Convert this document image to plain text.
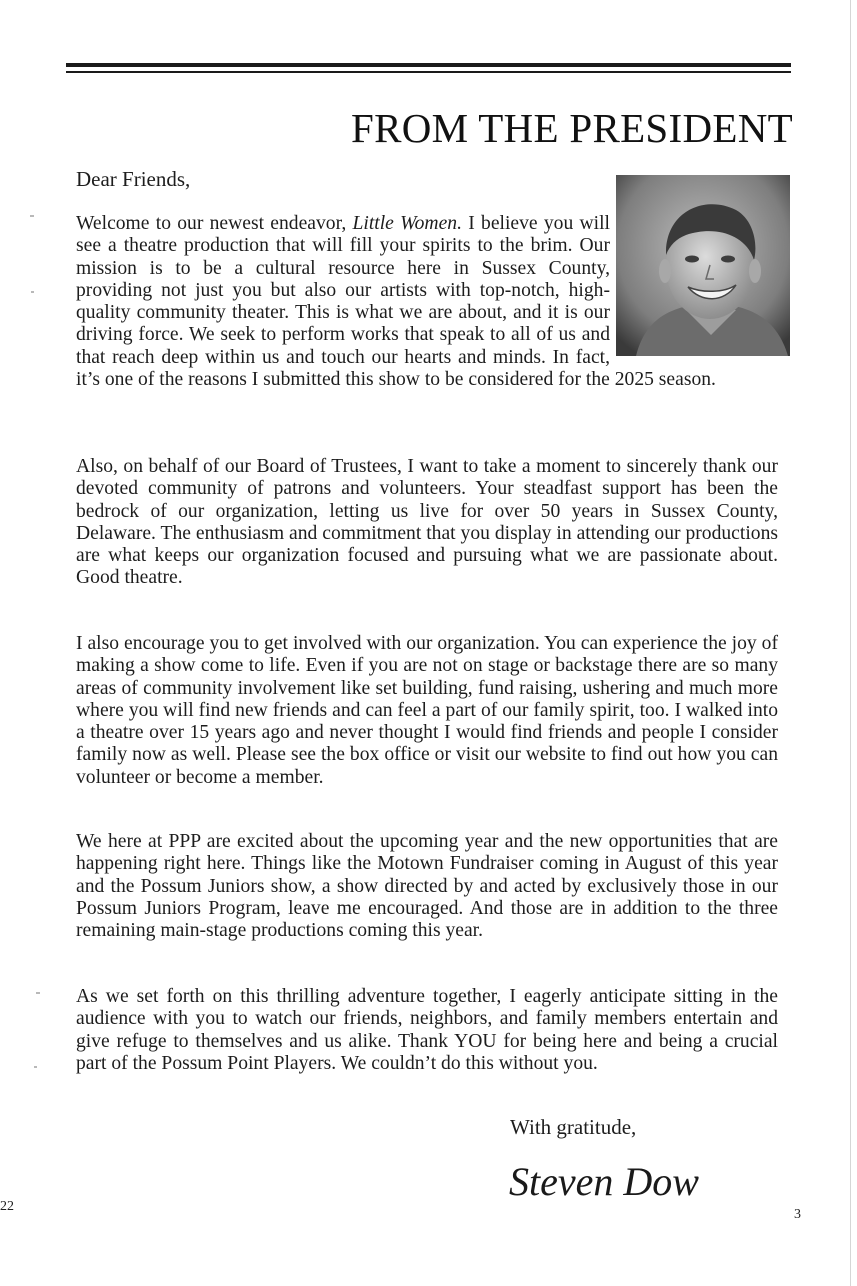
FROM THE PRESIDENT
Dear Friends,

Welcome to our newest endeavor, Little Women. I believe you will see a theatre production that will fill your spirits to the brim. Our mission is to be a cultural resource here in Sussex County, providing not just you but also our artists with top-notch, high-quality community theater. This is what we are about, and it is our driving force. We seek to perform works that speak to all of us and that reach deep within us and touch our hearts and minds. In fact, it’s one of the reasons I submitted this show to be considered for the 2025 season.

Also, on behalf of our Board of Trustees, I want to take a moment to sincerely thank our devoted community of patrons and volunteers. Your steadfast support has been the bedrock of our organization, letting us live for over 50 years in Sussex County, Delaware. The enthusiasm and commitment that you display in attending our productions are what keeps our organization focused and pursuing what we are passionate about. Good theatre.

I also encourage you to get involved with our organization. You can experience the joy of making a show come to life. Even if you are not on stage or backstage there are so many areas of community involvement like set building, fund raising, ushering and much more where you will find new friends and can feel a part of our family spirit, too. I walked into a theatre over 15 years ago and never thought I would find friends and people I consider family now as well. Please see the box office or visit our website to find out how you can volunteer or become a member.

We here at PPP are excited about the upcoming year and the new opportunities that are happening right here. Things like the Motown Fundraiser coming in August of this year and the Possum Juniors show, a show directed by and acted by exclusively those in our Possum Juniors Program, leave me encouraged. And those are in addition to the three remaining main-stage productions coming this year.

As we set forth on this thrilling adventure together, I eagerly anticipate sitting in the audience with you to watch our friends, neighbors, and family members entertain and give refuge to themselves and us alike. Thank YOU for being here and being a crucial part of the Possum Point Players. We couldn’t do this without you.

With gratitude,
Steven Dow
22
3
